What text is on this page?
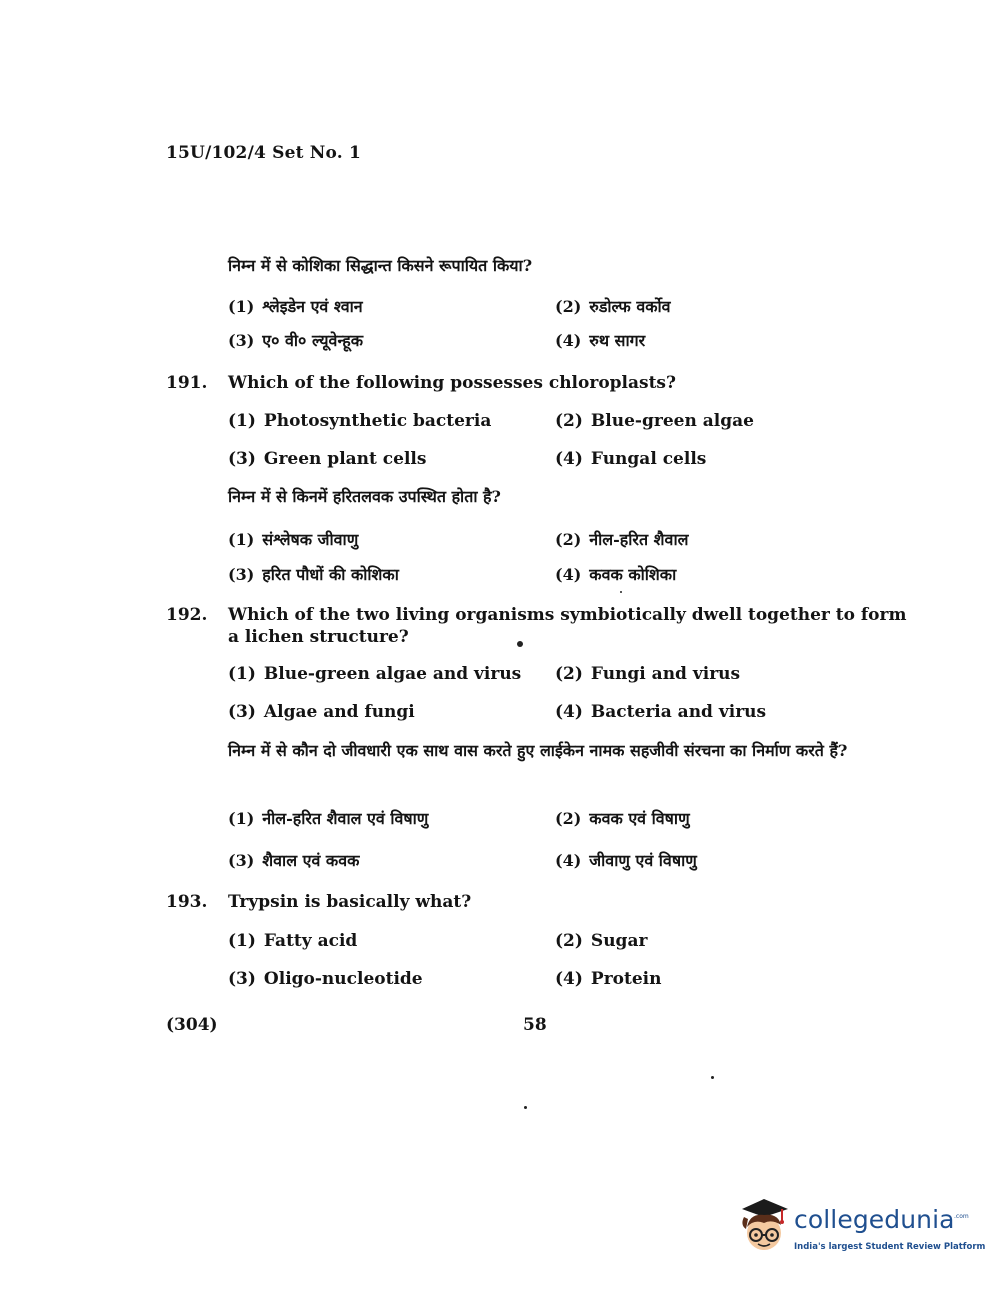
15U/102/4 Set No. 1
निम्न में से कोशिका सिद्धान्त किसने रूपायित किया?
(1) श्लेइडेन एवं श्वान	(2) रुडोल्फ वर्कोव
(3) ए० वी० ल्यूवेन्हूक	(4) रुथ सागर
191. Which of the following possesses chloroplasts?
(1) Photosynthetic bacteria	(2) Blue-green algae
(3) Green plant cells	(4) Fungal cells
निम्न में से किनमें हरितलवक उपस्थित होता है?
(1) संश्लेषक जीवाणु	(2) नील-हरित शैवाल
(3) हरित पौधों की कोशिका	(4) कवक कोशिका
192. Which of the two living organisms symbiotically dwell together to form a lichen structure?
(1) Blue-green algae and virus (2) Fungi and virus
(3) Algae and fungi	(4) Bacteria and virus
निम्न में से कौन दो जीवधारी एक साथ वास करते हुए लाईकेन नामक सहजीवी संरचना का निर्माण करते हैं?
(1) नील-हरित शैवाल एवं विषाणु	(2) कवक एवं विषाणु
(3) शैवाल एवं कवक	(4) जीवाणु एवं विषाणु
193. Trypsin is basically what?
(1) Fatty acid	(2) Sugar
(3) Oligo-nucleotide	(4) Protein
(304)	58
collegedunia .com
India's largest Student Review Platform
